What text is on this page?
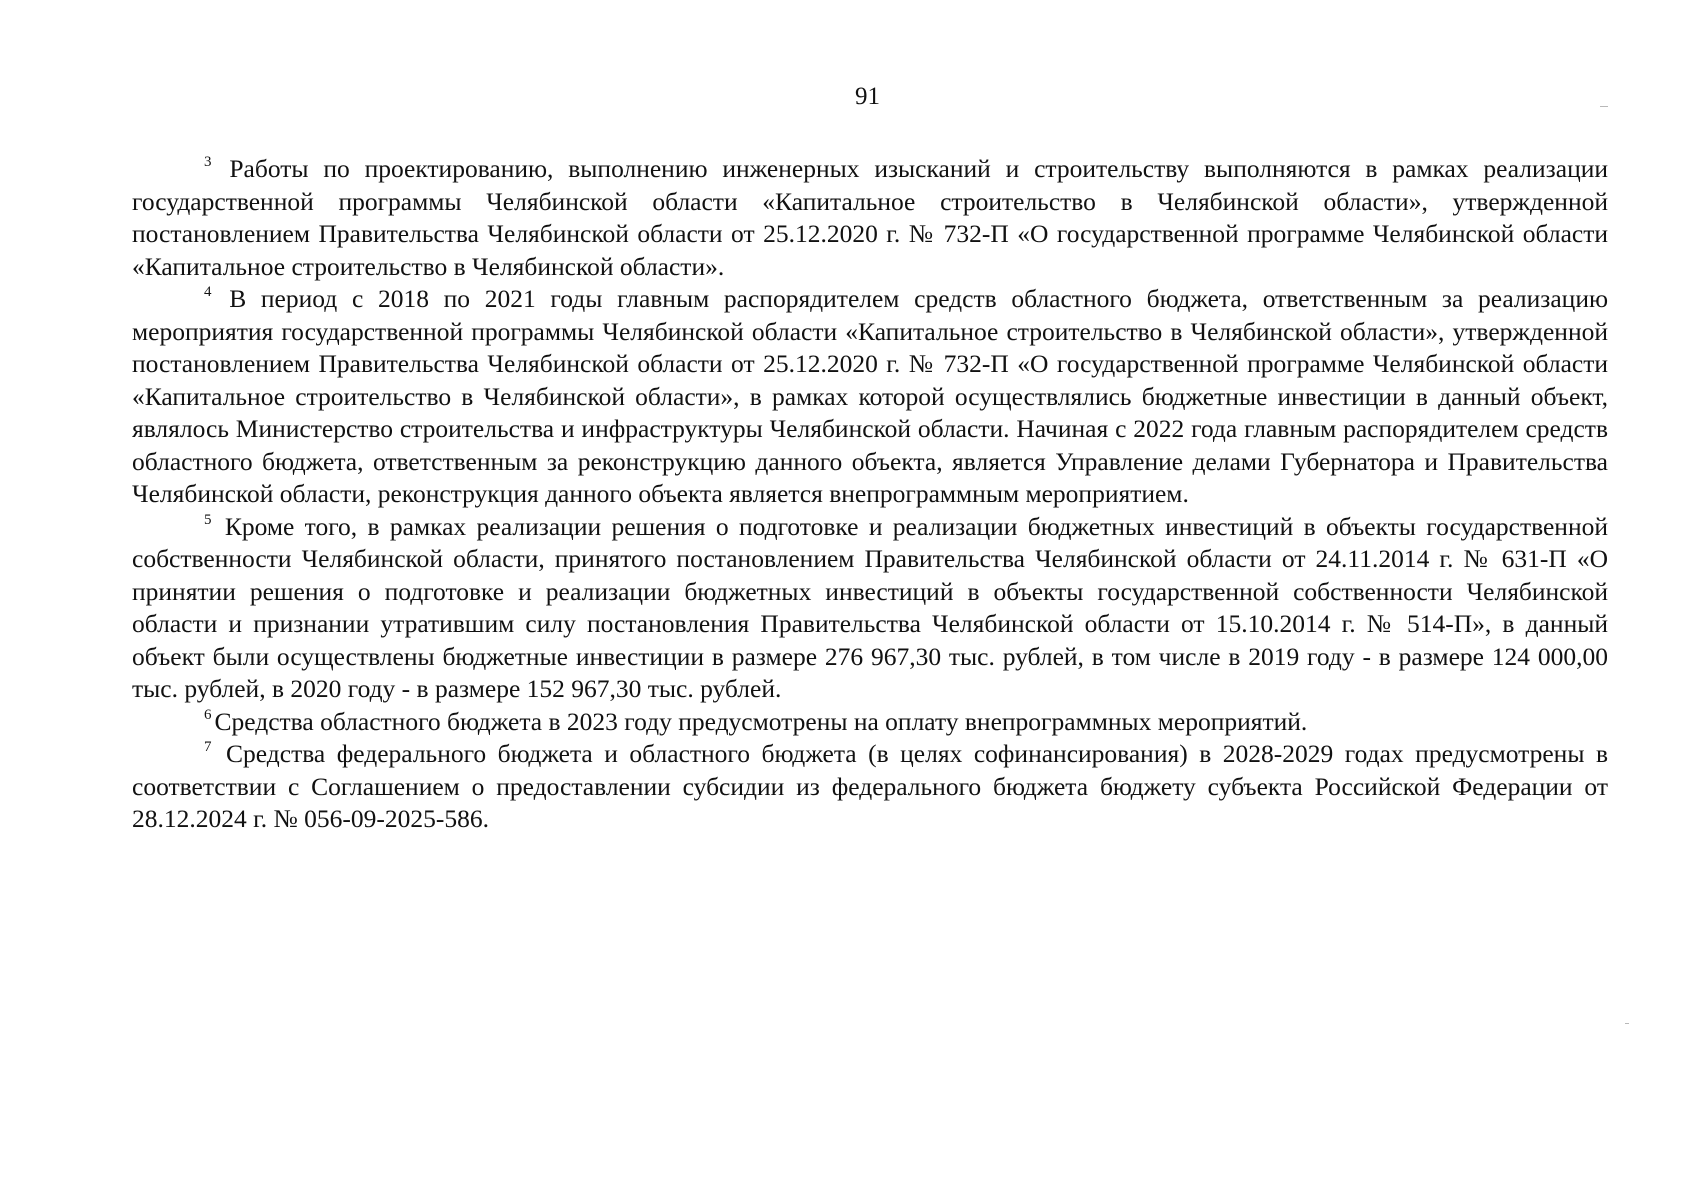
91

$^3$ Работы по проектированию, выполнению инженерных изысканий и строительству выполняются в рамках реализации государственной программы Челябинской области «Капитальное строительство в Челябинской области», утвержденной постановлением Правительства Челябинской области от 25.12.2020 г. № 732-П «О государственной программе Челябинской области «Капитальное строительство в Челябинской области».

$^4$ В период с 2018 по 2021 годы главным распорядителем средств областного бюджета, ответственным за реализацию мероприятия государственной программы Челябинской области «Капитальное строительство в Челябинской области», утвержденной постановлением Правительства Челябинской области от 25.12.2020 г. № 732-П «О государственной программе Челябинской области «Капитальное строительство в Челябинской области», в рамках которой осуществлялись бюджетные инвестиции в данный объект, являлось Министерство строительства и инфраструктуры Челябинской области. Начиная с 2022 года главным распорядителем средств областного бюджета, ответственным за реконструкцию данного объекта, является Управление делами Губернатора и Правительства Челябинской области, реконструкция данного объекта является внепрограммным мероприятием.

$^5$ Кроме того, в рамках реализации решения о подготовке и реализации бюджетных инвестиций в объекты государственной собственности Челябинской области, принятого постановлением Правительства Челябинской области от 24.11.2014 г. № 631-П «О принятии решения о подготовке и реализации бюджетных инвестиций в объекты государственной собственности Челябинской области и признании утратившим силу постановления Правительства Челябинской области от 15.10.2014 г. № 514-П», в данный объект были осуществлены бюджетные инвестиции в размере 276 967,30 тыс. рублей, в том числе в 2019 году - в размере 124 000,00 тыс. рублей, в 2020 году - в размере 152 967,30 тыс. рублей.

$^6$ Средства областного бюджета в 2023 году предусмотрены на оплату внепрограммных мероприятий.

$^7$ Средства федерального бюджета и областного бюджета (в целях софинансирования) в 2028-2029 годах предусмотрены в соответствии с Соглашением о предоставлении субсидии из федерального бюджета бюджету субъекта Российской Федерации от 28.12.2024 г. № 056-09-2025-586.
